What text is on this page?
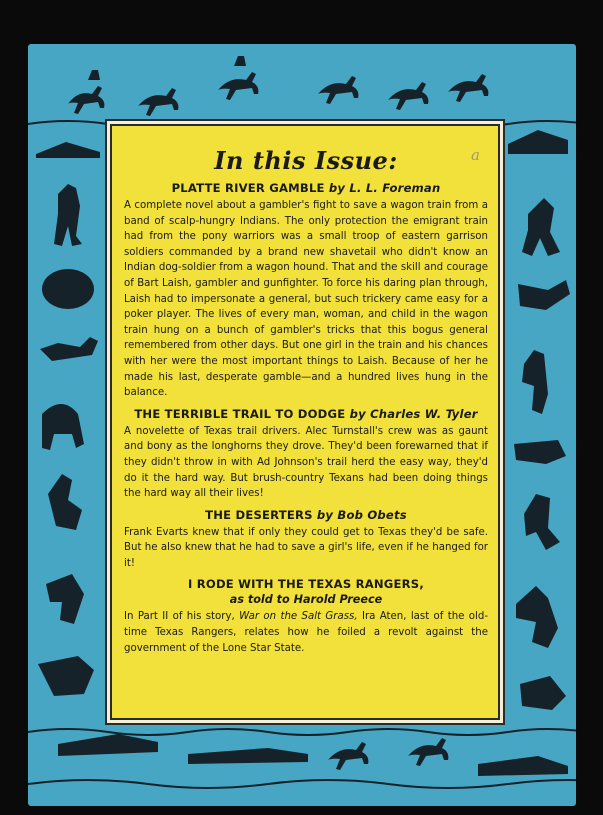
a
In this Issue:
PLATTE RIVER GAMBLE by L. L. Foreman

A complete novel about a gambler's fight to save a wagon train from a band of scalp-hungry Indians. The only protection the emigrant train had from the pony warriors was a small troop of eastern garrison soldiers commanded by a brand new shavetail who didn't know an Indian dog-soldier from a wagon hound. That and the skill and courage of Bart Laish, gambler and gunfighter. To force his daring plan through, Laish had to impersonate a general, but such trickery came easy for a poker player. The lives of every man, woman, and child in the wagon train hung on a bunch of gambler's tricks that this bogus general remembered from other days. But one girl in the train and his chances with her were the most important things to Laish. Because of her he made his last, desperate gamble—and a hundred lives hung in the balance.

THE TERRIBLE TRAIL TO DODGE by Charles W. Tyler

A novelette of Texas trail drivers. Alec Turnstall's crew was as gaunt and bony as the longhorns they drove. They'd been forewarned that if they didn't throw in with Ad Johnson's trail herd the easy way, they'd do it the hard way. But brush-country Texans had been doing things the hard way all their lives!

THE DESERTERS by Bob Obets

Frank Evarts knew that if only they could get to Texas they'd be safe. But he also knew that he had to save a girl's life, even if he hanged for it!

I RODE WITH THE TEXAS RANGERS,
as told to Harold Preece

In Part II of his story, War on the Salt Grass, Ira Aten, last of the old-time Texas Rangers, relates how he foiled a revolt against the government of the Lone Star State.
